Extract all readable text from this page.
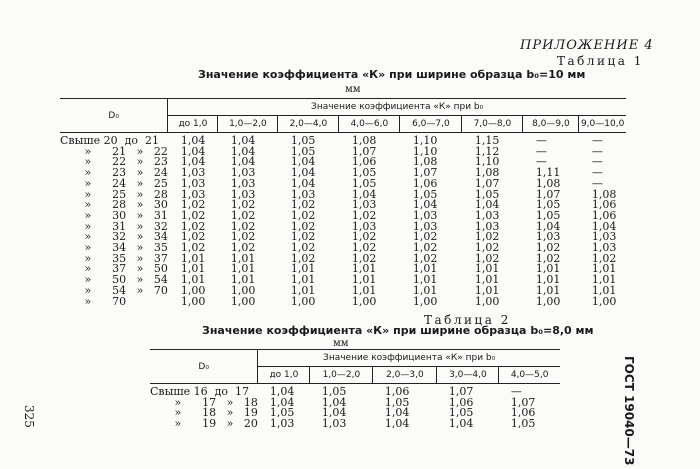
ПРИЛОЖЕНИЕ 4
Таблица 1
Значение коэффициента «К» при ширине образца b₀=10 мм
мм
D₀	Значение коэффициента «К» при b₀							
	до 1,0	1,0—2,0	2,0—4,0	4,0—6,0	6,0—7,0	7,0—8,0	8,0—9,0	9,0—10,0
Свыше 20  до  21	1,04	1,04	1,05	1,08	1,10	1,15	—	—
»      21   »   22	1,04	1,04	1,05	1,07	1,10	1,12	—	—
»      22   »   23	1,04	1,04	1,04	1,06	1,08	1,10	—	—
»      23   »   24	1,03	1,03	1,04	1,05	1,07	1,08	1,11	—
»      24   »   25	1,03	1,03	1,04	1,05	1,06	1,07	1,08	—
»      25   »   28	1,03	1,03	1,03	1,04	1,05	1,05	1,07	1,08
»      28   »   30	1,02	1,02	1,02	1,03	1,04	1,04	1,05	1,06
»      30   »   31	1,02	1,02	1,02	1,02	1,03	1,03	1,05	1,06
»      31   »   32	1,02	1,02	1,02	1,03	1,03	1,03	1,04	1,04
»      32   »   34	1,02	1,02	1,02	1,02	1,02	1,02	1,03	1,03
»      34   »   35	1,02	1,02	1,02	1,02	1,02	1,02	1,02	1,03
»      35   »   37	1,01	1,01	1,02	1,02	1,02	1,02	1,02	1,02
»      37   »   50	1,01	1,01	1,01	1,01	1,01	1,01	1,01	1,01
»      50   »   54	1,01	1,01	1,01	1,01	1,01	1,01	1,01	1,01
»      54   »   70	1,00	1,00	1,01	1,01	1,01	1,01	1,01	1,01
»      70	1,00	1,00	1,00	1,00	1,00	1,00	1,00	1,00
Таблица 2
Значение коэффициента «К» при ширине образца b₀=8,0 мм
мм
D₀	Значение коэффициента «К» при b₀				
	до 1,0	1,0—2,0	2,0—3,0	3,0—4,0	4,0—5,0
Свыше 16  до  17	1,04	1,05	1,06	1,07	—
»      17   »   18	1,04	1,04	1,05	1,06	1,07
»      18   »   19	1,05	1,04	1,04	1,05	1,06
»      19   »   20	1,03	1,03	1,04	1,04	1,05
325	ГОСТ 19040—73
